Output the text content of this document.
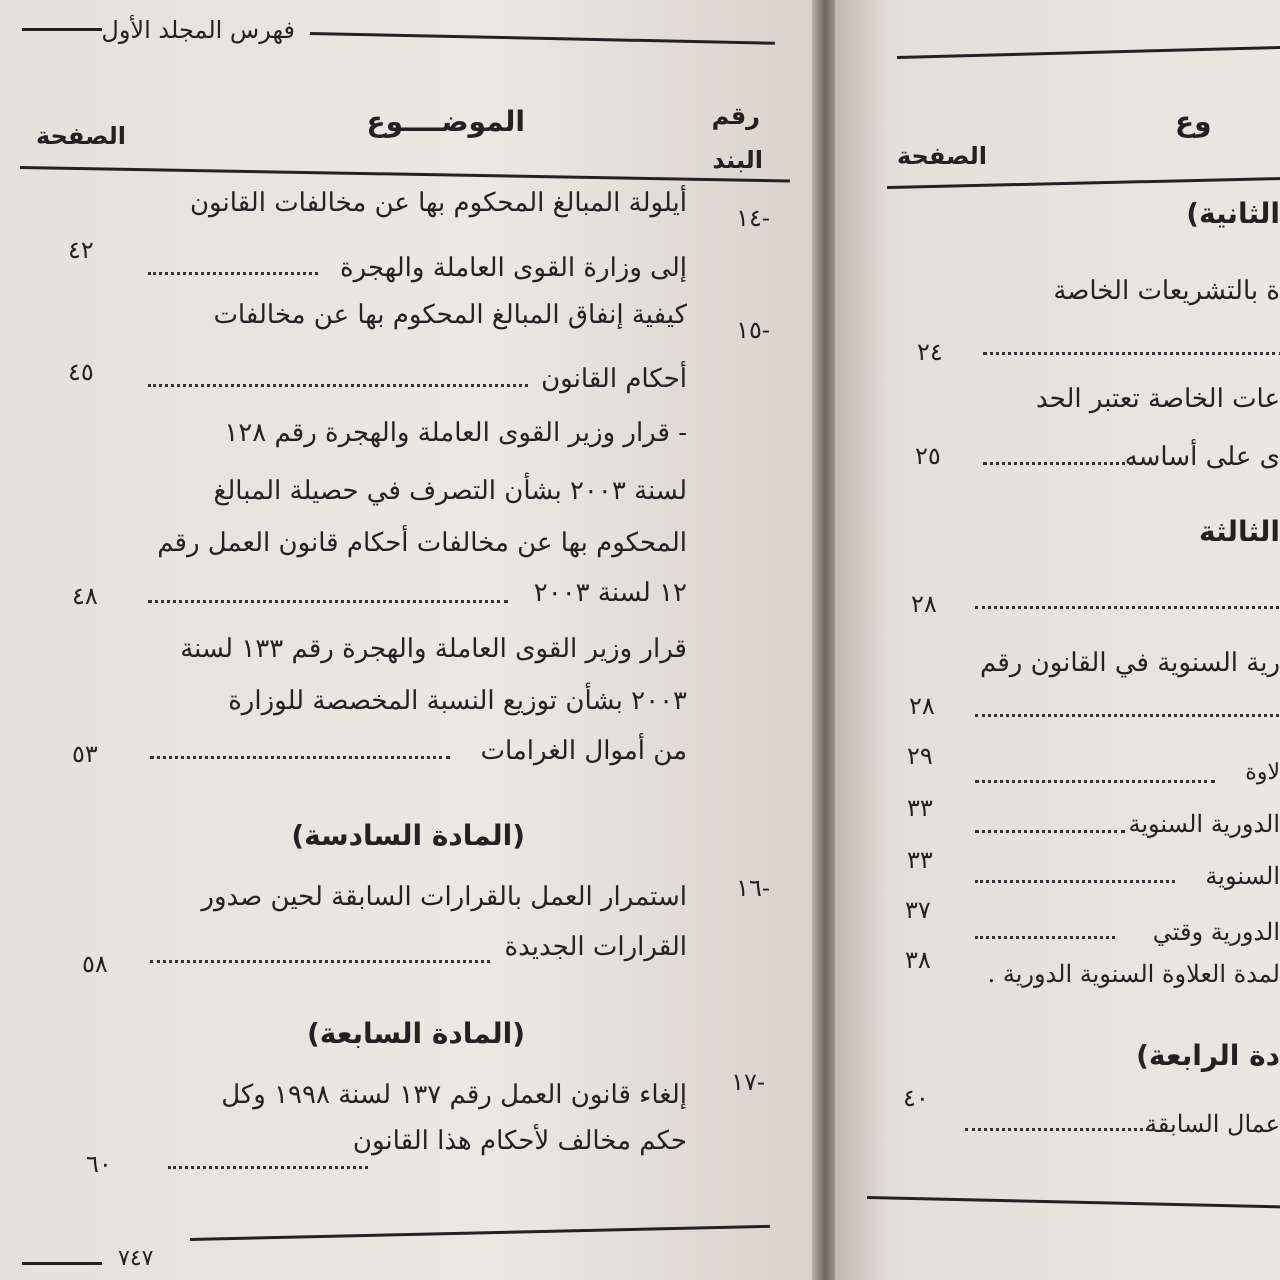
فهرس المجلد الأول
رقم
البند
الموضــــوع
الصفحة
١٤-
أيلولة المبالغ المحكوم بها عن مخالفات القانون
إلى وزارة القوى العاملة والهجرة
٤٢
١٥-
كيفية إنفاق المبالغ المحكوم بها عن مخالفات
أحكام القانون
٤٥
- قرار وزير القوى العاملة والهجرة رقم ١٢٨
لسنة ٢٠٠٣ بشأن التصرف في حصيلة المبالغ
المحكوم بها عن مخالفات أحكام قانون العمل رقم
١٢ لسنة ٢٠٠٣
٤٨
قرار وزير القوى العاملة والهجرة رقم ١٣٣ لسنة
٢٠٠٣ بشأن توزيع النسبة المخصصة للوزارة
من أموال الغرامات
٥٣
(المادة السادسة)
١٦-
استمرار العمل بالقرارات السابقة لحين صدور
القرارات الجديدة
٥٨
(المادة السابعة)
١٧-
إلغاء قانون العمل رقم ١٣٧ لسنة ١٩٩٨ وكل
حكم مخالف لأحكام هذا القانون
٦٠
٧٤٧
وع
الصفحة
الثانية)
ة بالتشريعات الخاصة
٢٤
عات الخاصة تعتبر الحد
ى على أساسه
٢٥
الثالثة
٢٨
رية السنوية في القانون رقم
٢٨
لاوة
٢٩
الدورية السنوية
٣٣
السنوية
٣٣
الدورية وقتي
٣٧
لمدة العلاوة السنوية الدورية .
٣٨
دة الرابعة)
٤٠
عمال السابقة
